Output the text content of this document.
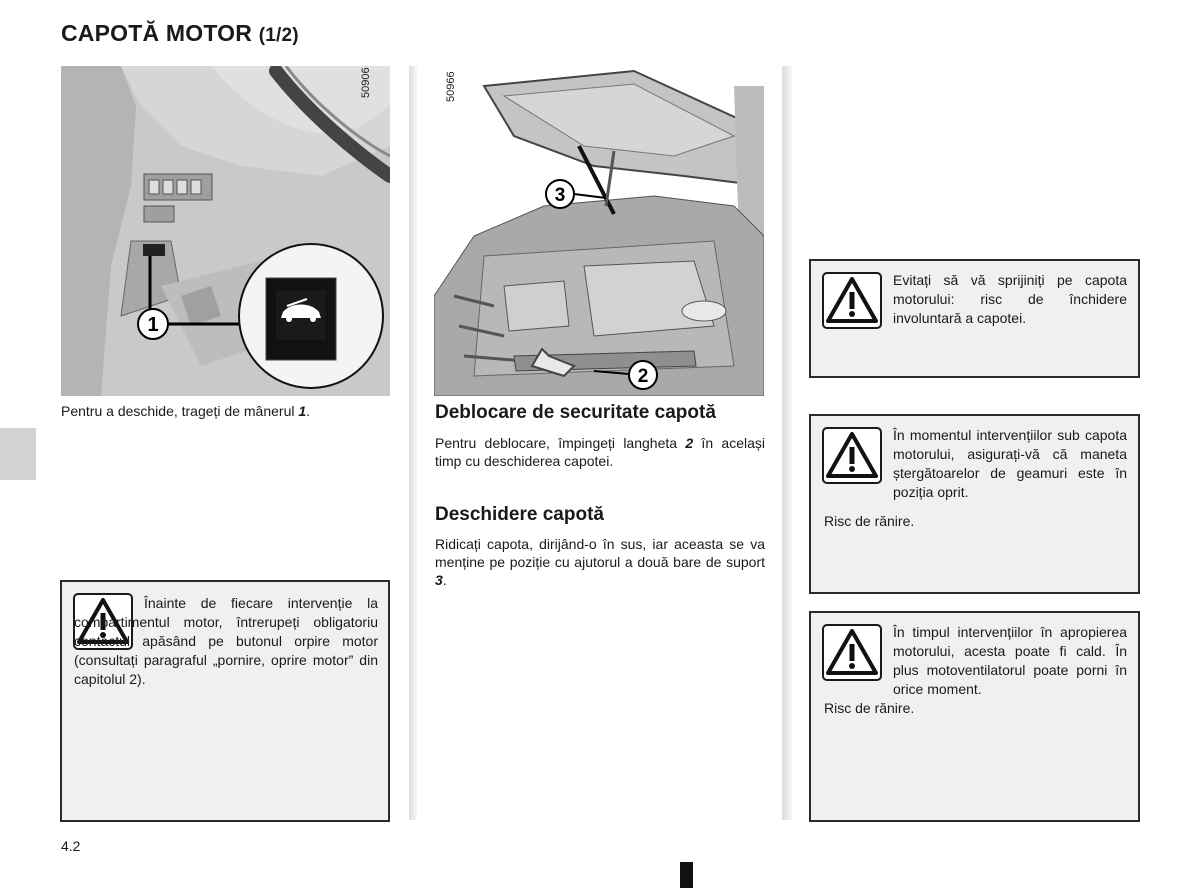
CAPOTĂ MOTOR (1/2)
50906
1
50966
3
2
Pentru a deschide, trageți de mânerul 1.	Deblocare de securitate capotă
Pentru deblocare, împingeți langheta 2 în același timp cu deschiderea capotei.
Deschidere capotă
Ridicați capota, dirijând-o în sus, iar aceasta se va menține pe poziție cu ajutorul a două bare de suport 3.
Înainte de fiecare intervenție la compartimentul motor, întrerupeți obligatoriu contactul apăsând pe butonul orpire motor (consultați paragraful „pornire, oprire motor” din capitolul 2).
Evitați să vă sprijiniți pe capota motorului: risc de închidere involuntară a capotei.
În momentul intervențiilor sub capota motorului, asigurați-vă că maneta ștergătoarelor de geamuri este în poziția oprit.
Risc de rănire.
În timpul intervențiilor în apropierea motorului, acesta poate fi cald. În plus motoventilatorul poate porni în orice moment.
Risc de rănire.
4.2
